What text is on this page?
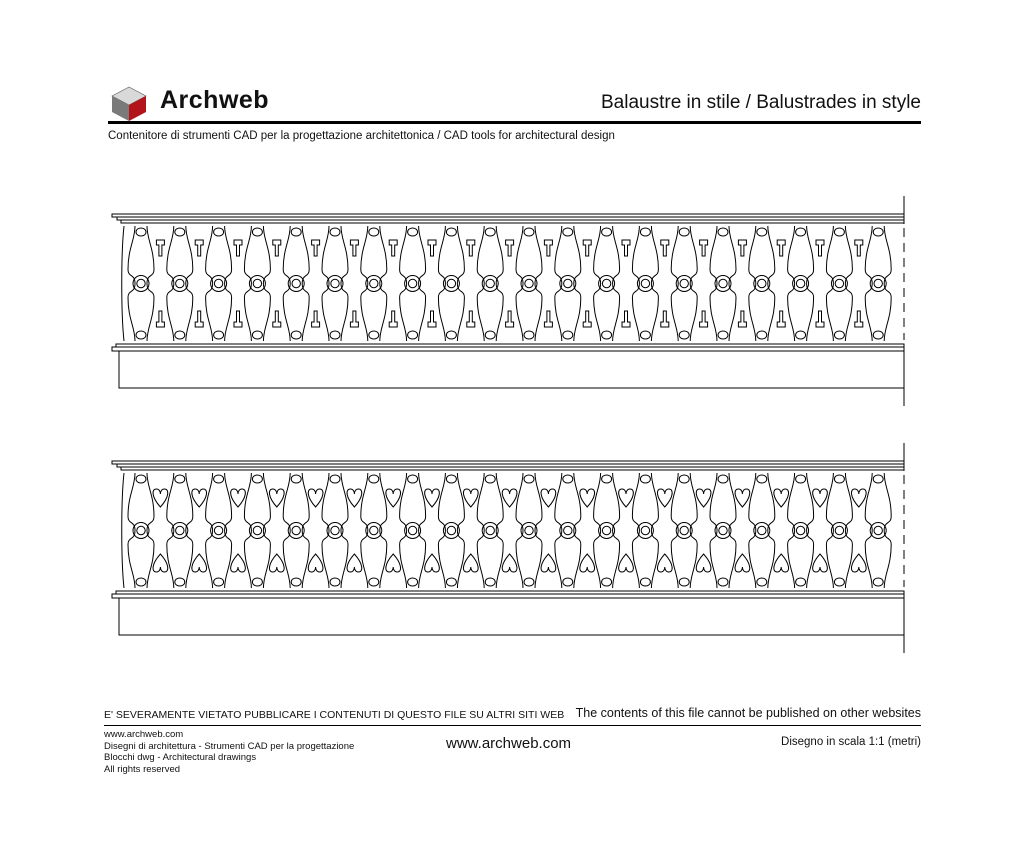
Archweb	Balaustre in stile / Balustrades in style
Contenitore di strumenti CAD per la progettazione architettonica / CAD tools for architectural design
E' SEVERAMENTE VIETATO PUBBLICARE I CONTENUTI DI QUESTO FILE SU ALTRI SITI WEB The contents of this file cannot be published on other websites
www.archweb.com
Disegni di architettura - Strumenti CAD per la progettazione
Blocchi dwg - Architectural drawings
All rights reserved
www.archweb.com	Disegno in scala 1:1 (metri)
